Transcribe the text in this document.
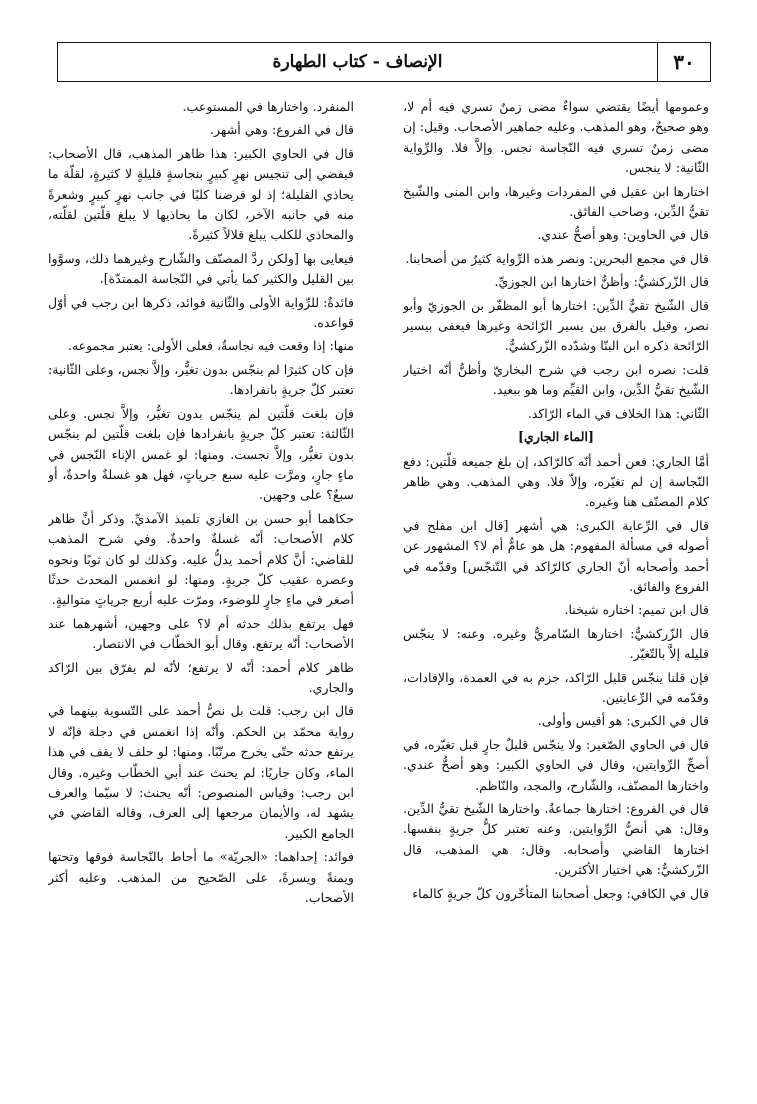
٣٠
الإنصاف - كتاب الطهارة

وعمومها أيضًا يقتضي سواءٌ مضى زمنٌ تسري فيه أم لا، وهو صحيحٌ، وهو المذهب. وعليه جماهير الأصحاب. وقيل: إن مضى زمنٌ تسري فيه النّجاسة نجس. وإلاَّ فلا. والرِّواية الثّانية: لا ينجس.

اختارها ابن عقيل في المفردات وغيرها، وابن المنى والشّيخ تقيُّ الدِّين، وصاحب الفائق.

قال في الحاوين: وهو أصحُّ عندي.

قال في مجمع البحرين: ونصر هذه الرِّواية كثيرٌ من أصحابنا.

قال الزّركشيُّ: وأظنُّ اختارها ابن الجوزيِّ.

قال الشّيخ تقيُّ الدِّين: اختارها أبو المظفّر بن الجوزيّ وأبو نصر، وقيل بالفرق بين يسير الرّائحة وغيرها فيعفى بيسير الرّائحة ذكره ابن البنّا وشدّده الزّركشيُّ.

قلت: نصره ابن رجب في شرح البخاريّ وأظنُّ أنّه اختيار الشّيخ تقيُّ الدِّين، وابن القيِّم وما هو ببعيد.

الثّاني: هذا الخلاف في الماء الرّاكد.

[الماء الجاري]

أمَّا الجاري: فعن أحمد أنّه كالرّاكد، إن بلغ جميعه قلّتين: دفع النّجاسة إن لم تغيّره، وإلاّ فلا. وهي المذهب. وهي ظاهر كلام المصنّف هنا وغيره.

قال في الرِّعاية الكبرى: هي أشهر [قال ابن مفلح في أصوله في مسألة المفهوم: هل هو عامٌّ أم لا؟ المشهور عن أحمد وأصحابه أنّ الجاري كالرّاكد في التّنجّس] وقدّمه في الفروع والفائق.

قال ابن تميم: اختاره شيخنا.

قال الزّركشيُّ: اختارها السّامريُّ وغيره. وعنه: لا ينجّس قليله إلاَّ بالتّغيّر.

فإن قلنا ينجّس قليل الرّاكد، جزم به في العمدة، والإفادات، وقدّمه في الرِّعايتين.

قال في الكبرى: هو أقيس وأولى.

قال في الحاوي الصّغير: ولا ينجّس قليلٌ جارٍ قبل تغيّره، في أصحِّ الرِّوايتين، وقال في الحاوي الكبير: وهو أصحُّ عندي. واختارها المصنّف، والشّارح، والمجد، والنّاظم.

قال في الفروع: اختارها جماعةٌ. واختارها الشّيخ تقيُّ الدِّين. وقال: هي أنصُّ الرِّوايتين. وعنه تعتبر كلُّ جريةٍ بنفسها. اختارها القاضي وأصحابه. وقال: هي المذهب، قال الزّركشيُّ: هي اختيار الأكثرين.

قال في الكافي: وجعل أصحابنا المتأخّرون كلّ جريةٍ كالماء

المنفرد. واختارها في المستوعب.

قال في الفروع: وهي أشهر.

قال في الحاوي الكبير: هذا ظاهر المذهب، قال الأصحاب: فيفضي إلى تنجيس نهرٍ كبيرٍ بنجاسةٍ قليلةٍ لا كثيرةٍ، لقلّة ما يحاذي القليلة؛ إذ لو فرضنا كلبًا في جانب نهرٍ كبيرٍ وشعرةً منه في جانبه الآخر، لكان ما يحاذيها لا يبلغ قلّتين لقلّته، والمحاذي للكلب يبلغ قلالاً كثيرةً.

فيعايى بها [ولكن ردَّ المصنّف والشّارح وغيرهما ذلك، وسوَّوا بين القليل والكثير كما يأتي في النّجاسة الممتدّة].

فائدةٌ: للرِّواية الأولى والثّانية فوائد، ذكرها ابن رجب في أوّل قواعده.

منها: إذا وقعت فيه نجاسةٌ، فعلى الأولى: يعتبر مجموعه.

فإن كان كثيرًا لم ينجّس بدون تغيُّر، وإلاَّ نجس، وعلى الثّانية: تعتبر كلّ جريةٍ بانفرادها.

فإن بلغت قلّتين لم ينجّس بدون تغيُّر، وإلاَّ نجس. وعلى الثّالثة: تعتبر كلّ جريةٍ بانفرادها فإن بلغت قلّتين لم ينجّس بدون تغيُّر، وإلاَّ نجست. ومنها: لو غمس الإناء النّجس في ماءٍ جارٍ، ومرَّت عليه سبع جرياتٍ، فهل هو غسلةٌ واحدةٌ، أو سبعٌ؟ على وجهين.

حكاهما أبو حسن بن الغازي تلميذ الآمديِّ. وذكر أنَّ ظاهر كلام الأصحاب: أنّه غسلةٌ واحدةٌ. وفي شرح المذهب للقاضي: أنَّ كلام أحمد يدلُّ عليه. وكذلك لو كان ثوبًا ونحوه وعصره عقيب كلّ جريةٍ. ومنها: لو انغمس المحدث حدثًا أصغر في ماءٍ جارٍ للوضوء، ومرّت عليه أربع جرياتٍ متواليةٍ.

فهل يرتفع بذلك حدثه أم لا؟ على وجهين، أشهرهما عند الأصحاب: أنّه يرتفع. وقال أبو الخطّاب في الانتصار.

ظاهر كلام أحمد: أنّه لا يرتفع؛ لأنّه لم يفرّق بين الرّاكد والجاري.

قال ابن رجب: قلت بل نصُّ أحمد على التّسوية بينهما في رواية محمّد بن الحكم. وأنّه إذا انغمس في دجلة فإنّه لا يرتفع حدثه حتّى يخرج مرتّبًا. ومنها: لو حلف لا يقف في هذا الماء، وكان جاريًا: لم يحنث عند أبي الخطّاب وغيره. وقال ابن رجب: وقياس المنصوص: أنّه يحنث: لا سيّما والعرف يشهد له، والأيمان مرجعها إلى العرف، وقاله القاضي في الجامع الكبير.

فوائد: إحداهما: «الجريّة» ما أحاط بالنّجاسة فوقها وتحتها ويمنةً ويسرةً، على الصّحيح من المذهب. وعليه أكثر الأصحاب.
